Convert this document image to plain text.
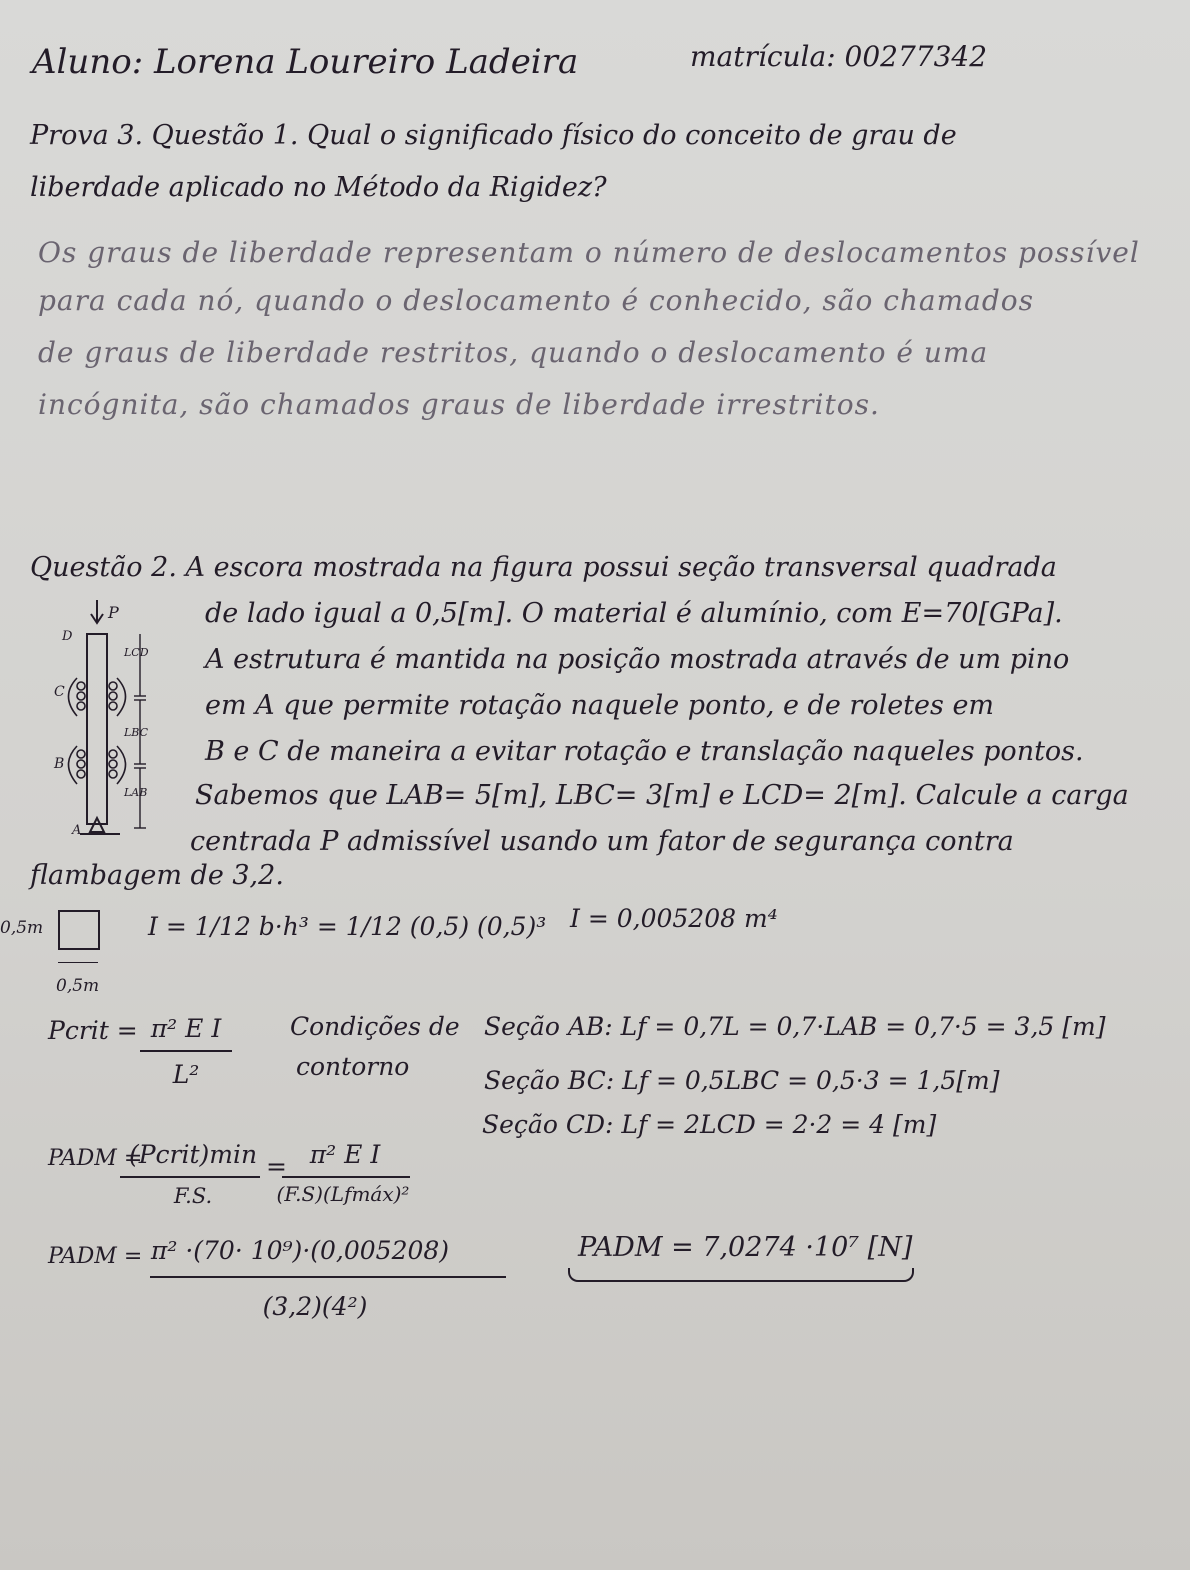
Aluno: Lorena Loureiro Ladeira	matrícula: 00277342
Prova 3. Questão 1. Qual o significado físico do conceito de grau de
liberdade aplicado no Método da Rigidez?
Os graus de liberdade representam o número de deslocamentos possível
para cada nó, quando o deslocamento é conhecido, são chamados
de graus de liberdade restritos, quando o deslocamento é uma
incógnita, são chamados graus de liberdade irrestritos.
Questão 2. A escora mostrada na figura possui seção transversal quadrada
de lado igual a 0,5[m]. O material é alumínio, com E=70[GPa].
A estrutura é mantida na posição mostrada através de um pino
em A que permite rotação naquele ponto, e de roletes em
B e C de maneira a evitar rotação e translação naqueles pontos.
Sabemos que LAB= 5[m], LBC= 3[m] e LCD= 2[m]. Calcule a carga
centrada P admissível usando um fator de segurança contra
flambagem de 3,2.
P
D
C
B
A
LCD
LBC
LAB
0,5m
0,5m
I = 1/12 b·h³ = 1/12 (0,5) (0,5)³ I = 0,005208 m⁴
Pcrit = π² E I
L²
Condições de
contorno
Seção AB: Lf = 0,7L = 0,7·LAB = 0,7·5 = 3,5 [m]
Seção BC: Lf = 0,5LBC = 0,5·3 = 1,5[m]
Seção CD: Lf = 2LCD = 2·2 = 4 [m]
PADM =
(Pcrit)min
F.S.
= π² E I
(F.S)(Lfmáx)²
PADM = π² ·(70· 10⁹)·(0,005208)
(3,2)(4²)
PADM = 7,0274 ·10⁷ [N]
